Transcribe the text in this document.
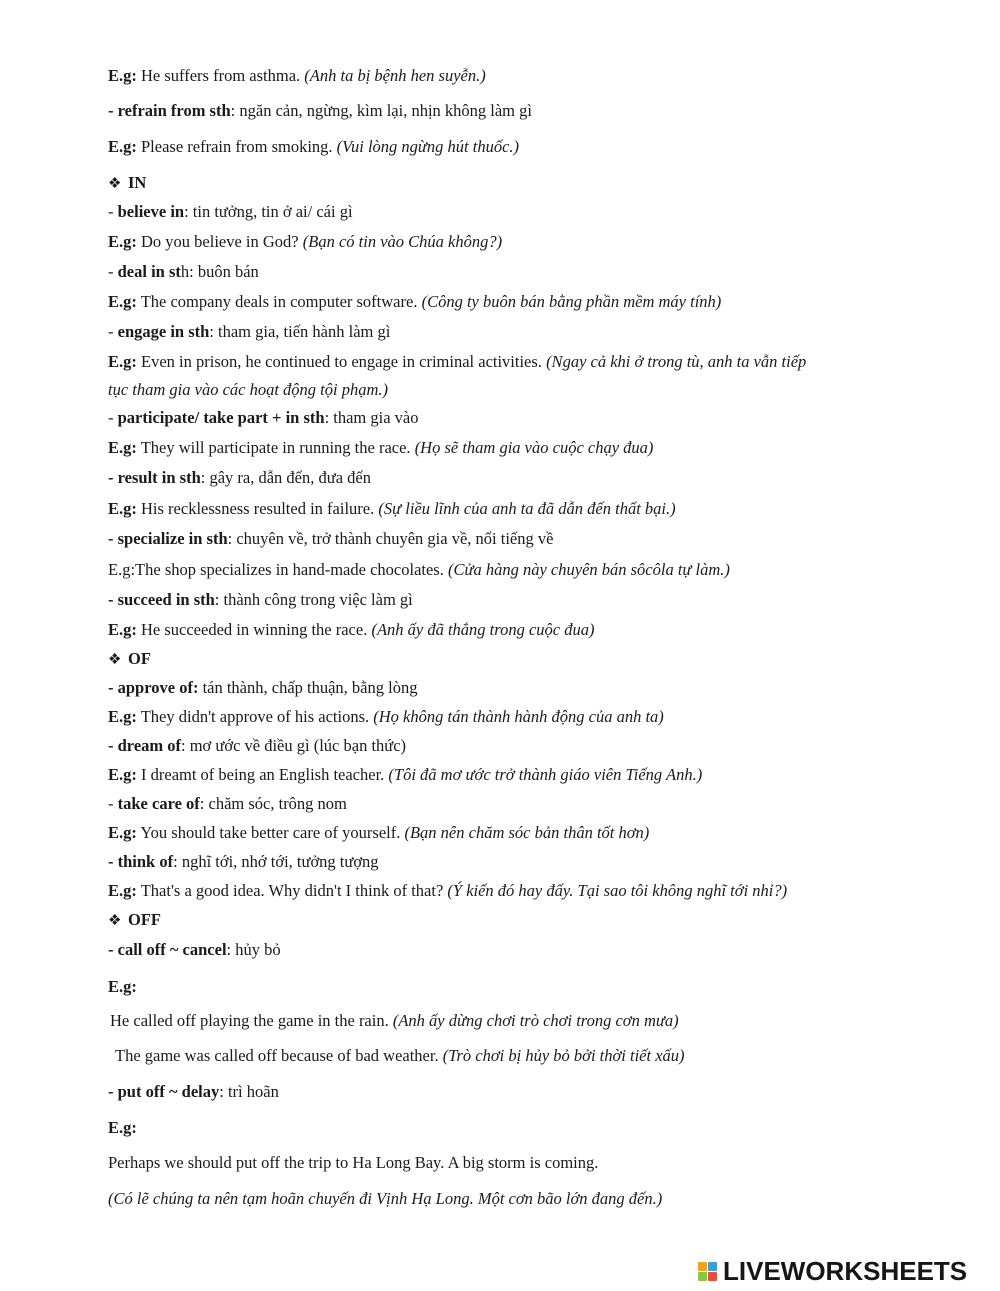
E.g: He suffers from asthma. (Anh ta bị bệnh hen suyễn.)
- refrain from sth: ngăn cản, ngừng, kìm lại, nhịn không làm gì
E.g: Please refrain from smoking. (Vui lòng ngừng hút thuốc.)
❖ IN
- believe in: tin tưởng, tin ở ai/ cái gì
E.g: Do you believe in God? (Bạn có tin vào Chúa không?)
- deal in sth: buôn bán
E.g: The company deals in computer software. (Công ty buôn bán bằng phần mềm máy tính)
- engage in sth: tham gia, tiến hành làm gì
E.g: Even in prison, he continued to engage in criminal activities. (Ngay cả khi ở trong tù, anh ta vẫn tiếp
tục tham gia vào các hoạt động tội phạm.)
- participate/ take part + in sth: tham gia vào
E.g: They will participate in running the race. (Họ sẽ tham gia vào cuộc chạy đua)
- result in sth: gây ra, dẫn đến, đưa đến
E.g: His recklessness resulted in failure. (Sự liều lĩnh của anh ta đã dẫn đến thất bại.)
- specialize in sth: chuyên về, trở thành chuyên gia về, nổi tiếng về
E.g:The shop specializes in hand-made chocolates. (Cửa hàng này chuyên bán sôcôla tự làm.)
- succeed in sth: thành công trong việc làm gì
E.g: He succeeded in winning the race. (Anh ấy đã thắng trong cuộc đua)
❖ OF
- approve of: tán thành, chấp thuận, bằng lòng
E.g: They didn't approve of his actions. (Họ không tán thành hành động của anh ta)
- dream of: mơ ước về điều gì (lúc bạn thức)
E.g: I dreamt of being an English teacher. (Tôi đã mơ ước trở thành giáo viên Tiếng Anh.)
- take care of: chăm sóc, trông nom
E.g: You should take better care of yourself. (Bạn nên chăm sóc bản thân tốt hơn)
- think of: nghĩ tới, nhớ tới, tưởng tượng
E.g: That's a good idea. Why didn't I think of that? (Ý kiến đó hay đấy. Tại sao tôi không nghĩ tới nhỉ?)
❖ OFF
- call off ~ cancel: hủy bỏ
E.g:
He called off playing the game in the rain. (Anh ấy dừng chơi trò chơi trong cơn mưa)
The game was called off because of bad weather. (Trò chơi bị hủy bỏ bởi thời tiết xấu)
- put off ~ delay: trì hoãn
E.g:
Perhaps we should put off the trip to Ha Long Bay. A big storm is coming.
(Có lẽ chúng ta nên tạm hoãn chuyến đi Vịnh Hạ Long. Một cơn bão lớn đang đến.)
LIVEWORKSHEETS
